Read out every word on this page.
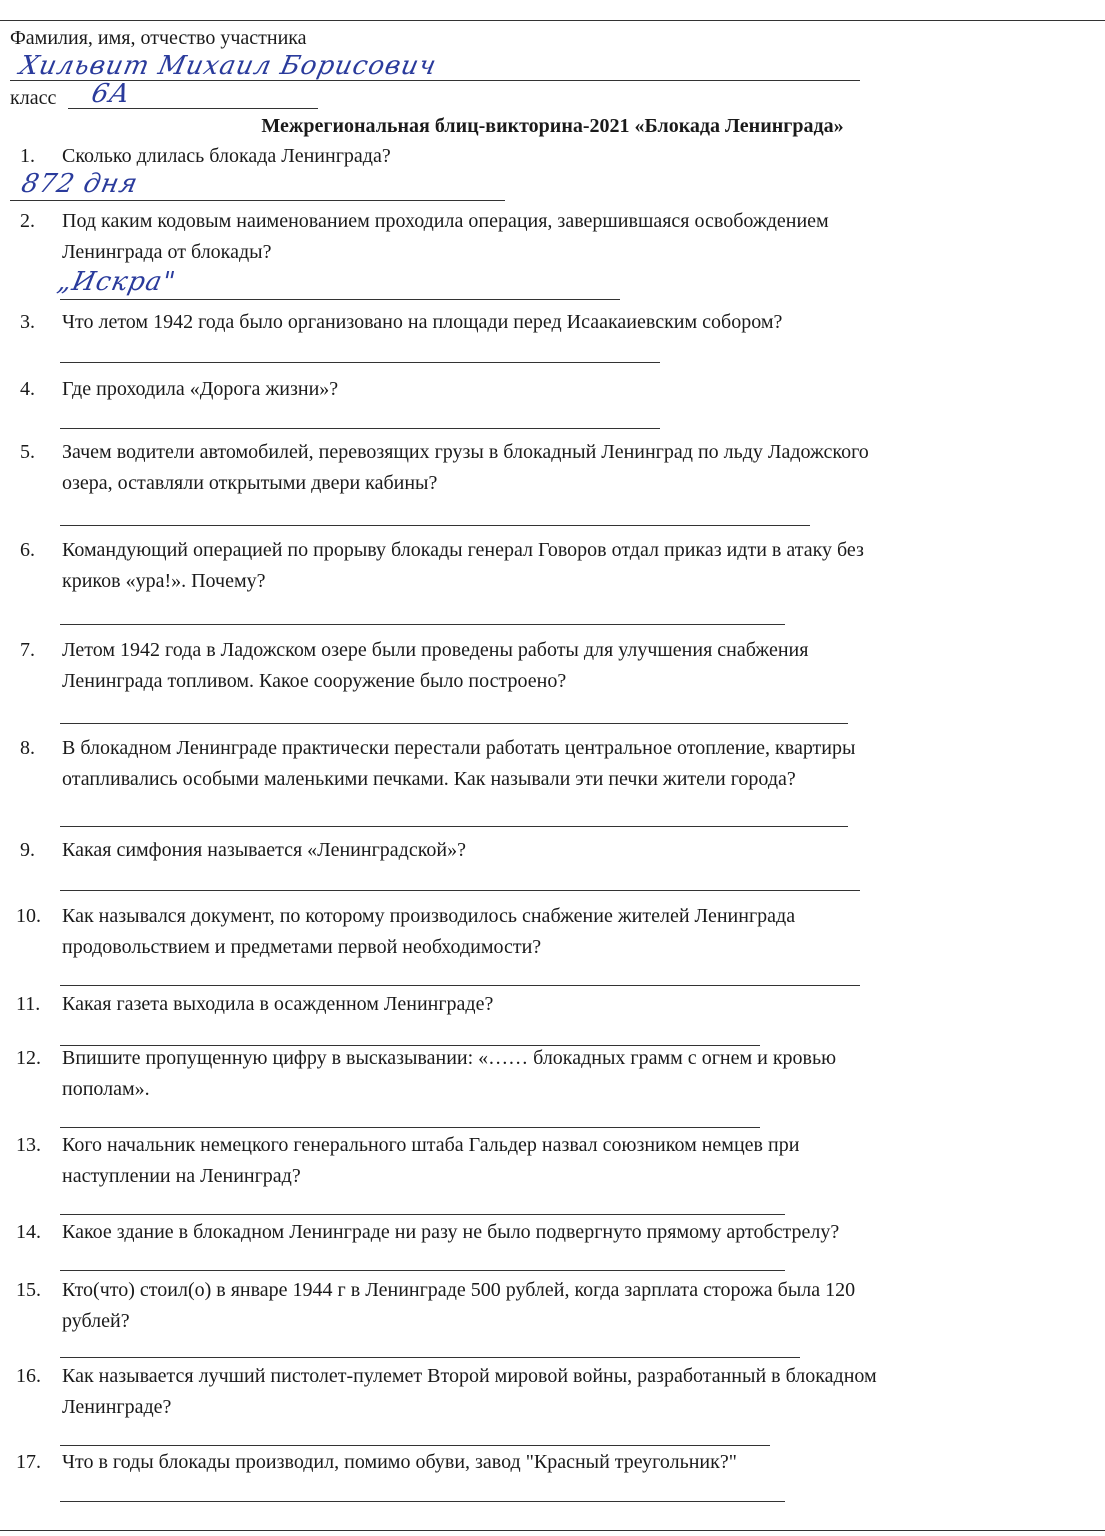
Фамилия, имя, отчество участника
Хильвит Михаил Борисович
класс 6А
Межрегиональная блиц-викторина-2021 «Блокада Ленинграда»
1. Сколько длилась блокада Ленинграда?
872 дня
2. Под каким кодовым наименованием проходила операция, завершившаяся освобождением
Ленинграда от блокады?
„Искра"
3. Что летом 1942 года было организовано на площади перед Исаакаиевским собором?
4. Где проходила «Дорога жизни»?
5. Зачем водители автомобилей, перевозящих грузы в блокадный Ленинград по льду Ладожского
озера, оставляли открытыми двери кабины?
6. Командующий операцией по прорыву блокады генерал Говоров отдал приказ идти в атаку без
криков «ура!». Почему?
7. Летом 1942 года в Ладожском озере были проведены работы для улучшения снабжения
Ленинграда топливом. Какое сооружение было построено?
8. В блокадном Ленинграде практически перестали работать центральное отопление, квартиры
отапливались особыми маленькими печками. Как называли эти печки жители города?
9. Какая симфония называется «Ленинградской»?
10. Как назывался документ, по которому производилось снабжение жителей Ленинграда
продовольствием и предметами первой необходимости?
11. Какая газета выходила в осажденном Ленинграде?
12. Впишите пропущенную цифру в высказывании: «…… блокадных грамм с огнем и кровью
пополам».
13. Кого начальник немецкого генерального штаба Гальдер назвал союзником немцев при
наступлении на Ленинград?
14. Какое здание в блокадном Ленинграде ни разу не было подвергнуто прямому артобстрелу?
15. Кто(что) стоил(о) в январе 1944 г в Ленинграде 500 рублей, когда зарплата сторожа была 120
рублей?
16. Как называется лучший пистолет-пулемет Второй мировой войны, разработанный в блокадном
Ленинграде?
17. Что в годы блокады производил, помимо обуви, завод "Красный треугольник?"
